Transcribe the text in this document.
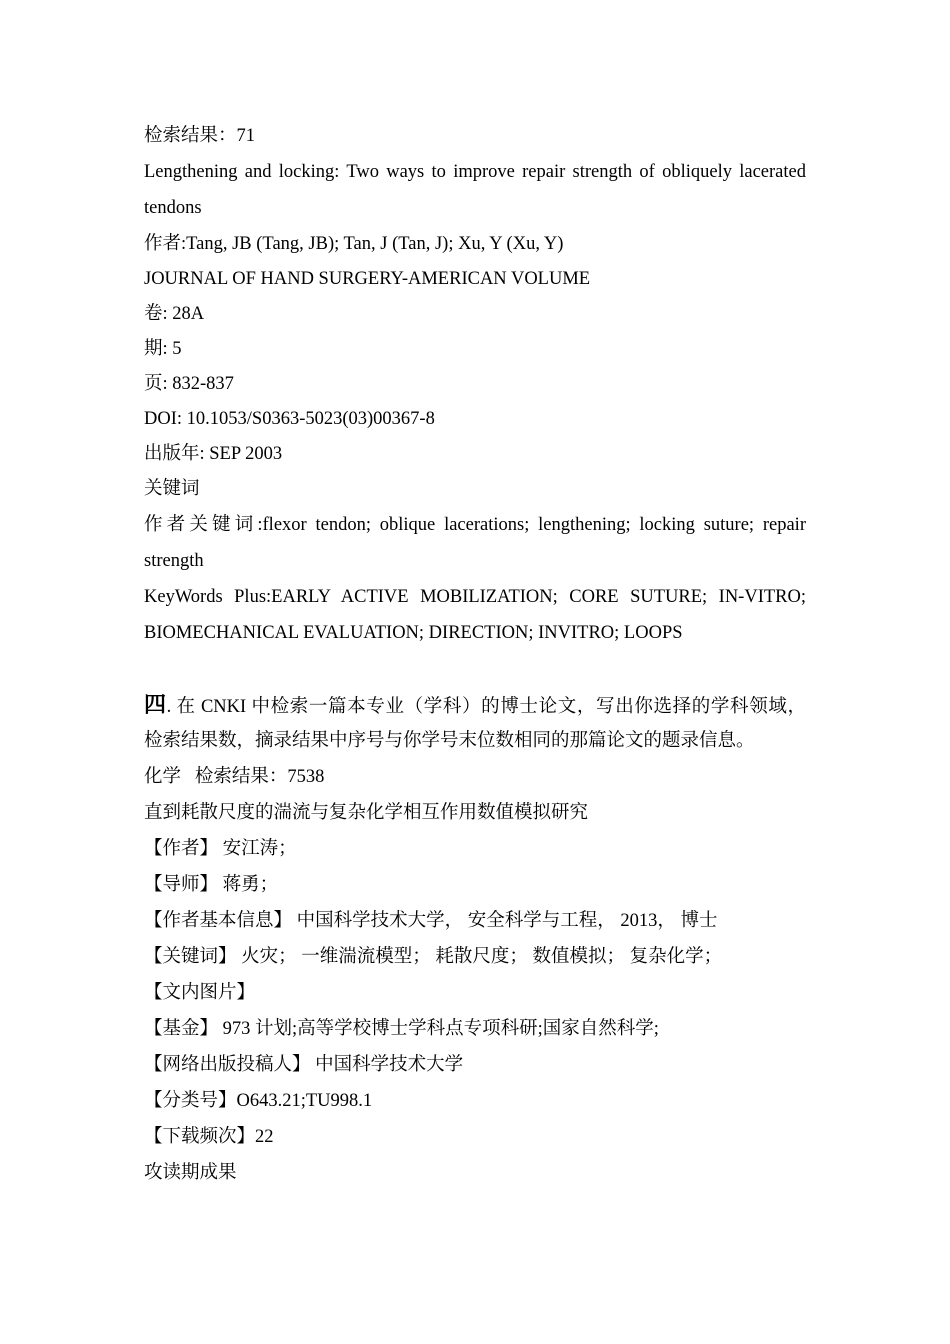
检索结果：71
Lengthening and locking: Two ways to improve repair strength of obliquely lacerated
tendons
作者:Tang, JB (Tang, JB); Tan, J (Tan, J); Xu, Y (Xu, Y)
JOURNAL OF HAND SURGERY-AMERICAN VOLUME
卷: 28A
期: 5
页: 832-837
DOI: 10.1053/S0363-5023(03)00367-8
出版年: SEP 2003
关键词
作者关键词:flexor tendon; oblique lacerations; lengthening; locking suture; repair
strength
KeyWords Plus:EARLY ACTIVE MOBILIZATION; CORE SUTURE; IN-VITRO;
BIOMECHANICAL EVALUATION; DIRECTION; INVITRO; LOOPS
四. 在 CNKI 中检索一篇本专业（学科）的博士论文，写出你选择的学科领域，
检索结果数，摘录结果中序号与你学号末位数相同的那篇论文的题录信息。
化学   检索结果：7538
直到耗散尺度的湍流与复杂化学相互作用数值模拟研究
【作者】 安江涛；
【导师】 蒋勇；
【作者基本信息】 中国科学技术大学， 安全科学与工程， 2013， 博士
【关键词】 火灾； 一维湍流模型； 耗散尺度； 数值模拟； 复杂化学；
【文内图片】
【基金】 973 计划;高等学校博士学科点专项科研;国家自然科学;
【网络出版投稿人】 中国科学技术大学
【分类号】O643.21;TU998.1
【下载频次】22
攻读期成果
